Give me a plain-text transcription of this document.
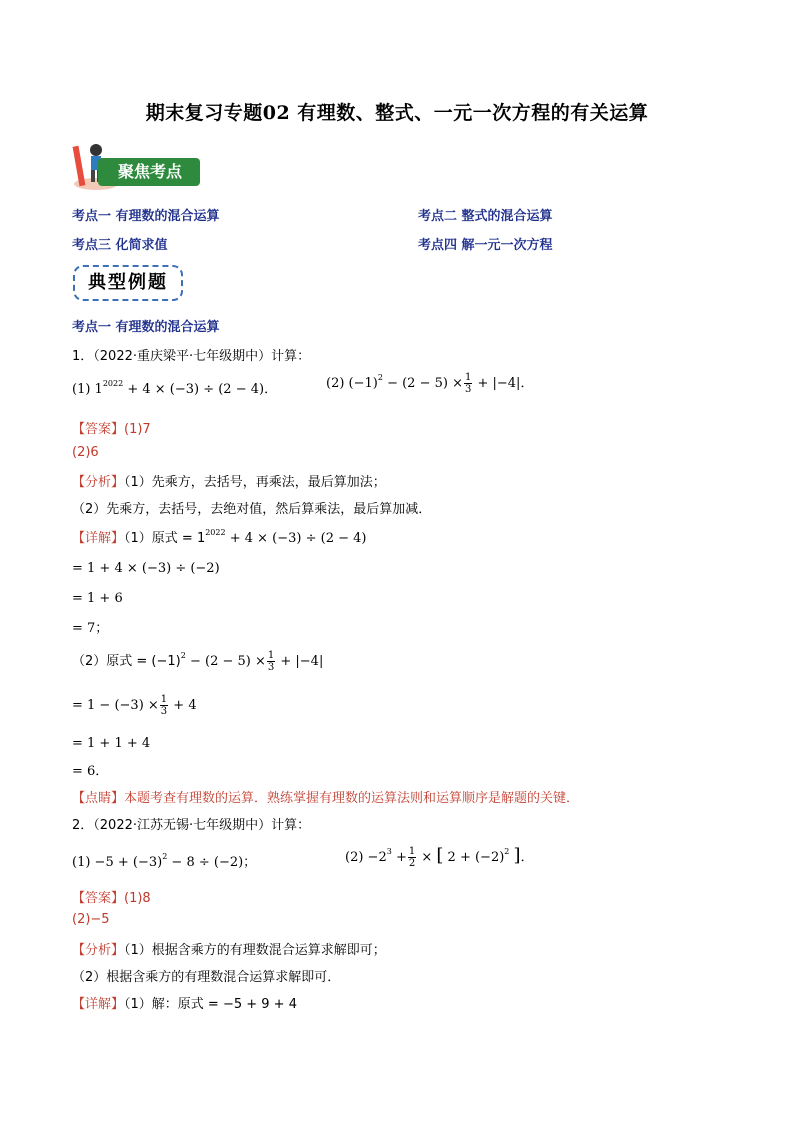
期末复习专题02 有理数、整式、一元一次方程的有关运算
聚焦考点
考点一 有理数的混合运算	考点二 整式的混合运算
考点三 化简求值	考点四 解一元一次方程
典型例题
考点一 有理数的混合运算
1．（2022·重庆梁平·七年级期中）计算：
(1) $1^{2022} + 4 \times (-3) \div (2 - 4)$．	(2) $(-1)^2 - (2 - 5) \times \frac{1}{3} + |-4|$．
【答案】(1)7
(2)6
【分析】（1）先乘方，去括号，再乘法，最后算加法；
（2）先乘方，去括号，去绝对值，然后算乘法，最后算加减．
【详解】（1）原式 = $1^{2022} + 4 \times (-3) \div (2 - 4)$
= 1 + 4 × (−3) ÷ (−2)
= 1 + 6
= 7；
（2）原式 = $(-1)^2 - (2 - 5) \times \frac{1}{3} + |-4|$
= $1 - (-3) \times \frac{1}{3} + 4$
= 1 + 1 + 4
= 6．
【点睛】本题考查有理数的运算．熟练掌握有理数的运算法则和运算顺序是解题的关键．
2．（2022·江苏无锡·七年级期中）计算：
$(1) -5 + (-3)^2 - 8 \div (-2)$；	$(2) -2^3 + \frac{1}{2}$ × [ $2 + (-2)^2$ ]．
【答案】(1)8
(2)−5
【分析】（1）根据含乘方的有理数混合运算求解即可；
（2）根据含乘方的有理数混合运算求解即可．
【详解】（1）解：原式 = −5 + 9 + 4
